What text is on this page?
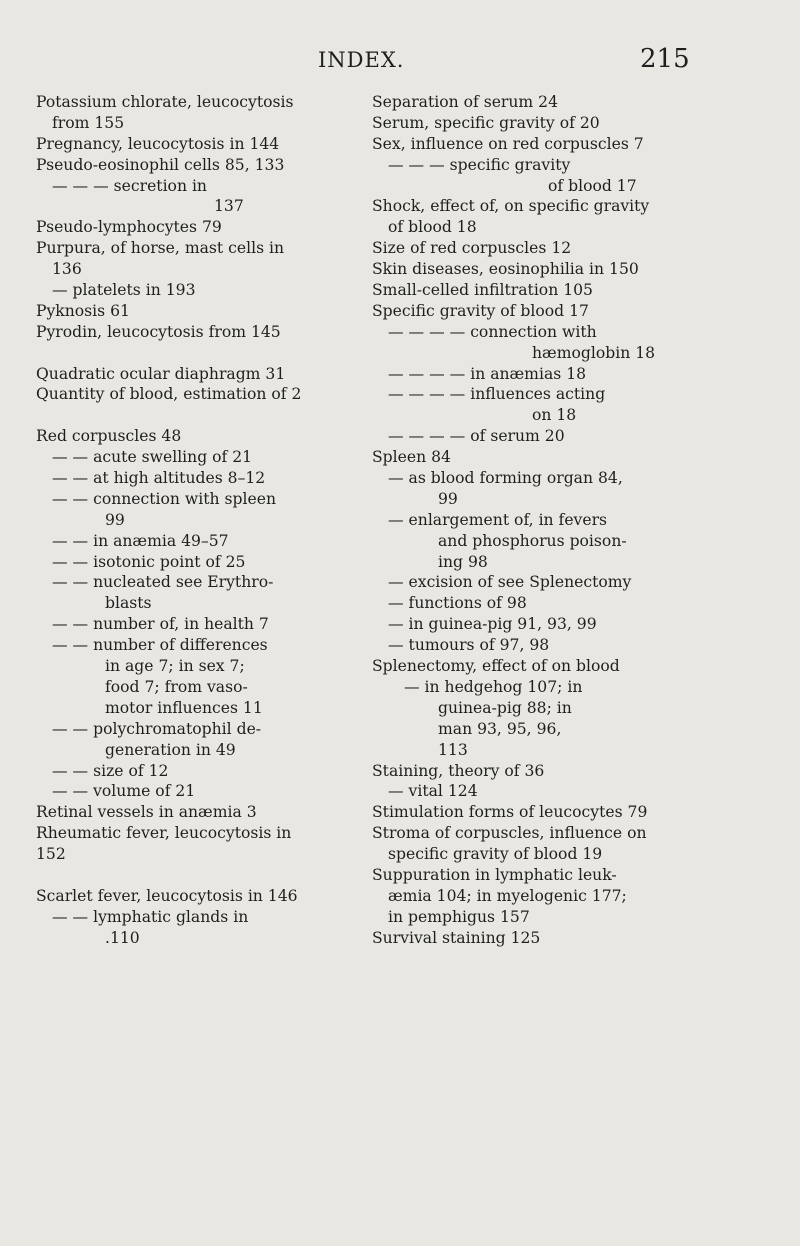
INDEX.	215
Potassium chlorate, leucocytosis
from 155
Pregnancy, leucocytosis in 144
Pseudo-eosinophil cells 85, 133
— — — secretion in
137
Pseudo-lymphocytes 79
Purpura, of horse, mast cells in
136
— platelets in 193
Pyknosis 61
Pyrodin, leucocytosis from 145
Quadratic ocular diaphragm 31
Quantity of blood, estimation of 2
Red corpuscles 48
— — acute swelling of 21
— — at high altitudes 8–12
— — connection with spleen
99
— — in anæmia 49–57
— — isotonic point of 25
— — nucleated see Erythro-
blasts
— — number of, in health 7
— — number of differences
in age 7; in sex 7;
food 7; from vaso-
motor influences 11
— — polychromatophil de-
generation in 49
— — size of 12
— — volume of 21
Retinal vessels in anæmia 3
Rheumatic fever, leucocytosis in
152
Scarlet fever, leucocytosis in 146
— — lymphatic glands in
.110
Separation of serum 24
Serum, specific gravity of 20
Sex, influence on red corpuscles 7
— — — specific gravity
of blood 17
Shock, effect of, on specific gravity
of blood 18
Size of red corpuscles 12
Skin diseases, eosinophilia in 150
Small-celled infiltration 105
Specific gravity of blood 17
— — — — connection with
hæmoglobin 18
— — — — in anæmias 18
— — — — influences acting
on 18
— — — — of serum 20
Spleen 84
— as blood forming organ 84,
99
— enlargement of, in fevers
and phosphorus poison-
ing 98
— excision of see Splenectomy
— functions of 98
— in guinea-pig 91, 93, 99
— tumours of 97, 98
Splenectomy, effect of on blood
— in hedgehog 107; in
guinea-pig 88; in
man 93, 95, 96,
113
Staining, theory of 36
— vital 124
Stimulation forms of leucocytes 79
Stroma of corpuscles, influence on
specific gravity of blood 19
Suppuration in lymphatic leuk-
æmia 104; in myelogenic 177;
in pemphigus 157
Survival staining 125
